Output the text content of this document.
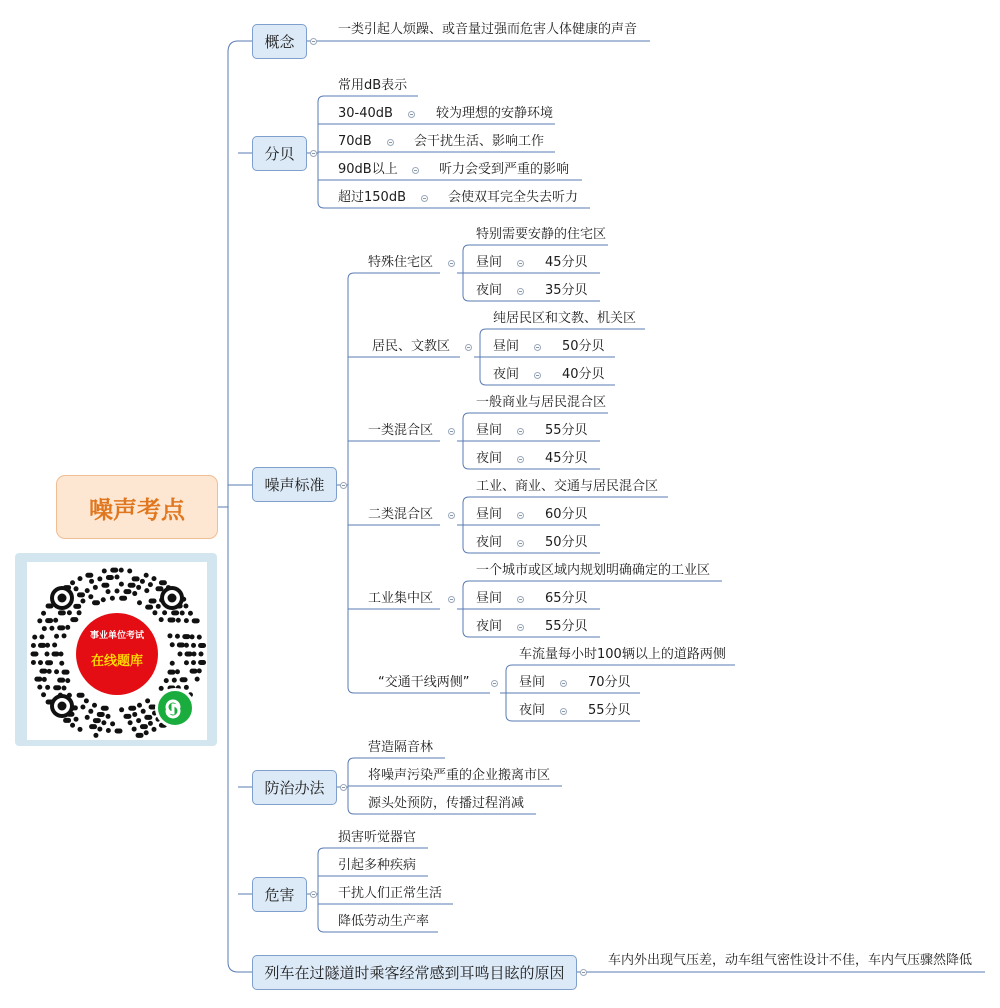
事业单位考试
在线题库
噪声考点
概念
一类引起人烦躁、或音量过强而危害人体健康的声音
分贝
常用dB表示
30-40dB	较为理想的安静环境
70dB	会干扰生活、影响工作
90dB以上	听力会受到严重的影响
超过150dB	会使双耳完全失去听力
噪声标准
特殊住宅区
特别需要安静的住宅区
昼间	45分贝
夜间	35分贝
居民、文教区
纯居民区和文教、机关区
昼间	50分贝
夜间	40分贝
一类混合区
一般商业与居民混合区
昼间	55分贝
夜间	45分贝
二类混合区
工业、商业、交通与居民混合区
昼间	60分贝
夜间	50分贝
工业集中区
一个城市或区域内规划明确确定的工业区
昼间	65分贝
夜间	55分贝
“交通干线两侧”
车流量每小时100辆以上的道路两侧
昼间	70分贝
夜间	55分贝
防治办法
营造隔音林
将噪声污染严重的企业搬离市区
源头处预防，传播过程消减
危害
损害听觉器官
引起多种疾病
干扰人们正常生活
降低劳动生产率
列车在过隧道时乘客经常感到耳鸣目眩的原因
车内外出现气压差，动车组气密性设计不佳，车内气压骤然降低
